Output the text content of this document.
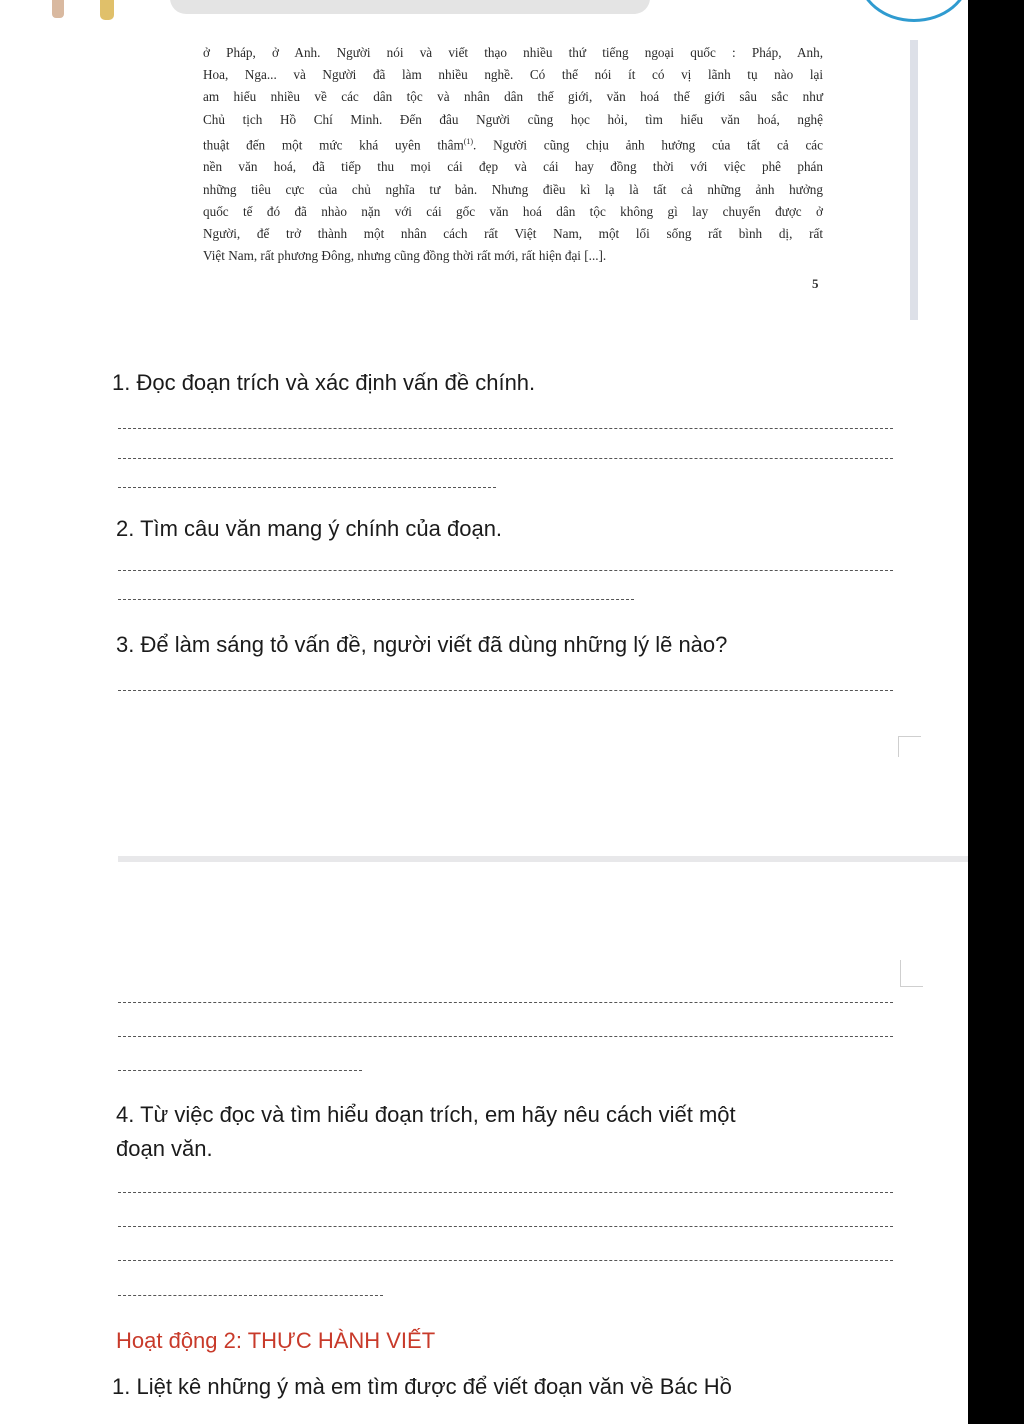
ở Pháp, ở Anh. Người nói và viết thạo nhiều thứ tiếng ngoại quốc : Pháp, Anh,
Hoa, Nga... và Người đã làm nhiều nghề. Có thể nói ít có vị lãnh tụ nào lại
am hiểu nhiều về các dân tộc và nhân dân thế giới, văn hoá thế giới sâu sắc như
Chủ tịch Hồ Chí Minh. Đến đâu Người cũng học hỏi, tìm hiểu văn hoá, nghệ
thuật đến một mức khá uyên thâm$^{(1)}$. Người cũng chịu ảnh hưởng của tất cả các
nền văn hoá, đã tiếp thu mọi cái đẹp và cái hay đồng thời với việc phê phán
những tiêu cực của chủ nghĩa tư bản. Nhưng điều kì lạ là tất cả những ảnh hưởng
quốc tế đó đã nhào nặn với cái gốc văn hoá dân tộc không gì lay chuyển được ở
Người, để trở thành một nhân cách rất Việt Nam, một lối sống rất bình dị, rất
Việt Nam, rất phương Đông, nhưng cũng đồng thời rất mới, rất hiện đại [...].
5
1. Đọc đoạn trích và xác định vấn đề chính.
2. Tìm câu văn mang ý chính của đoạn.
3. Để làm sáng tỏ vấn đề, người viết đã dùng những lý lẽ nào?
4. Từ việc đọc và tìm hiểu đoạn trích, em hãy nêu cách viết một
đoạn văn.
Hoạt động 2: THỰC HÀNH VIẾT
1. Liệt kê những ý mà em tìm được để viết đoạn văn về Bác Hồ
